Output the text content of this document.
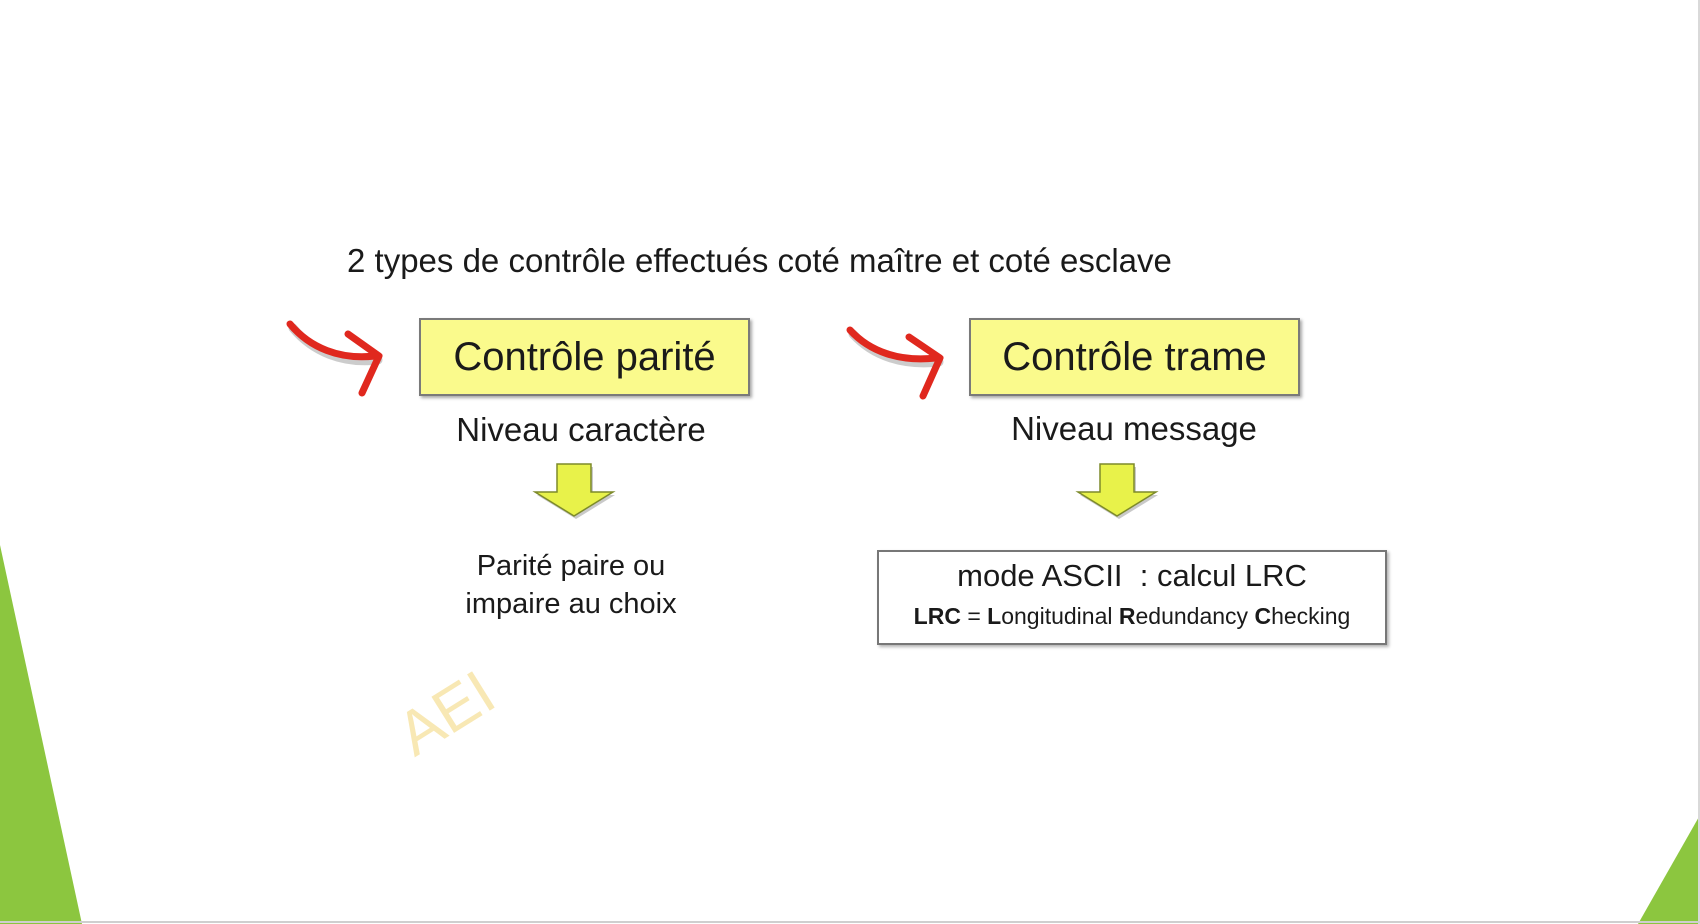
2 types de contrôle effectués coté maître et coté esclave
Contrôle parité	Contrôle trame
Niveau caractère	Niveau message
Parité paire ou
impaire au choix
mode ASCII  : calcul LRC
LRC = Longitudinal Redundancy Checking
AEI
